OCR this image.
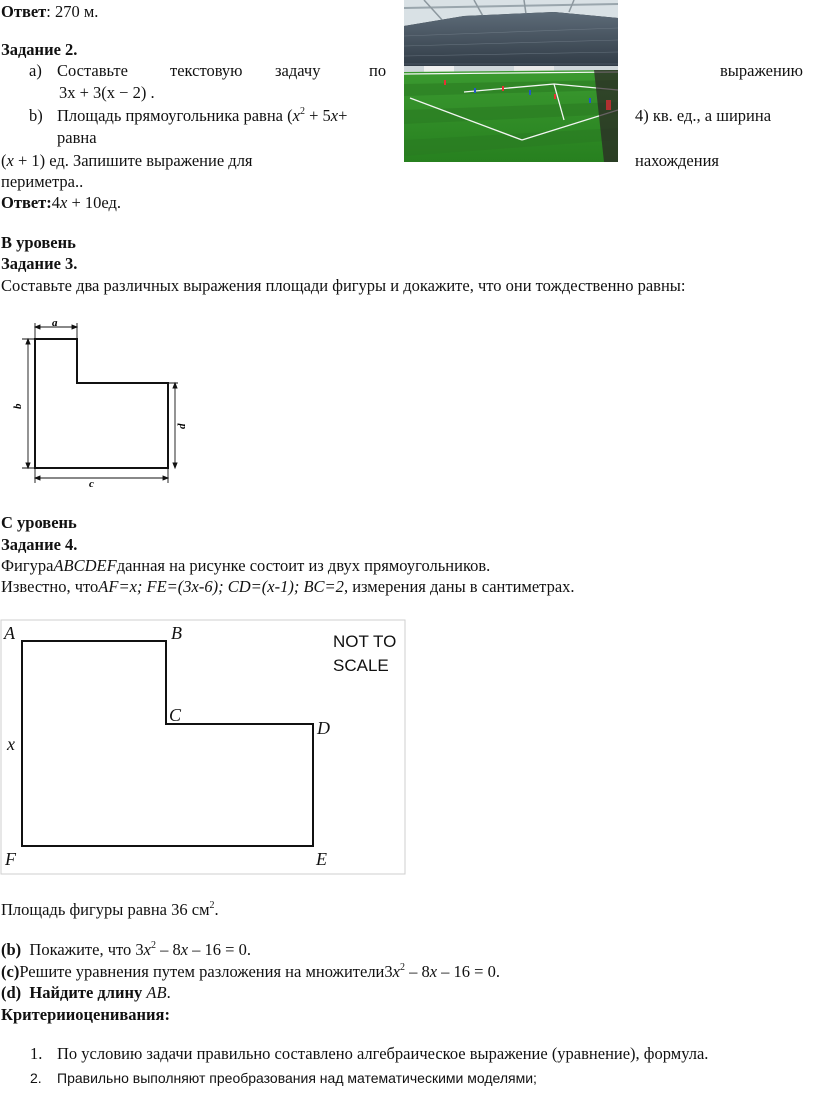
Ответ: 270 м.
Задание 2.
a) Составьте	текстовую задачу	по	выражению
3x + 3(x − 2) .
b) Площадь прямоугольника равна ($x^2 + 5x+$	4) кв. ед., а ширина
равна
(x + 1) ед. Запишите выражение для	нахождения
периметра..
Ответ:4x + 10ед.
В уровень
Задание 3.
Составьте два различных выражения площади фигуры и докажите, что они тождественно равны:
a
b
c
d
С уровень
Задание 4.
ФигураABCDEFданная на рисунке состоит из двух прямоугольников.
Известно, чтоAF=x; FE=(3x-6); CD=(x-1); BC=2, измерения даны в сантиметрах.
A	B
C
D
E
F
x
NOT TO
SCALE
Площадь фигуры равна 36 $см^2$.
(b) Покажите, что $3x^2 - 8x - 16 = 0$.
(c)Решите уравнения путем разложения на $множители3x^2 - 8x - 16 = 0$.
(d) Найдите длину AB.
Критерииоценивания:
1. По условию задачи правильно составлено алгебраическое выражение (уравнение), формула.
2. Правильно выполняют преобразования над математическими моделями;
